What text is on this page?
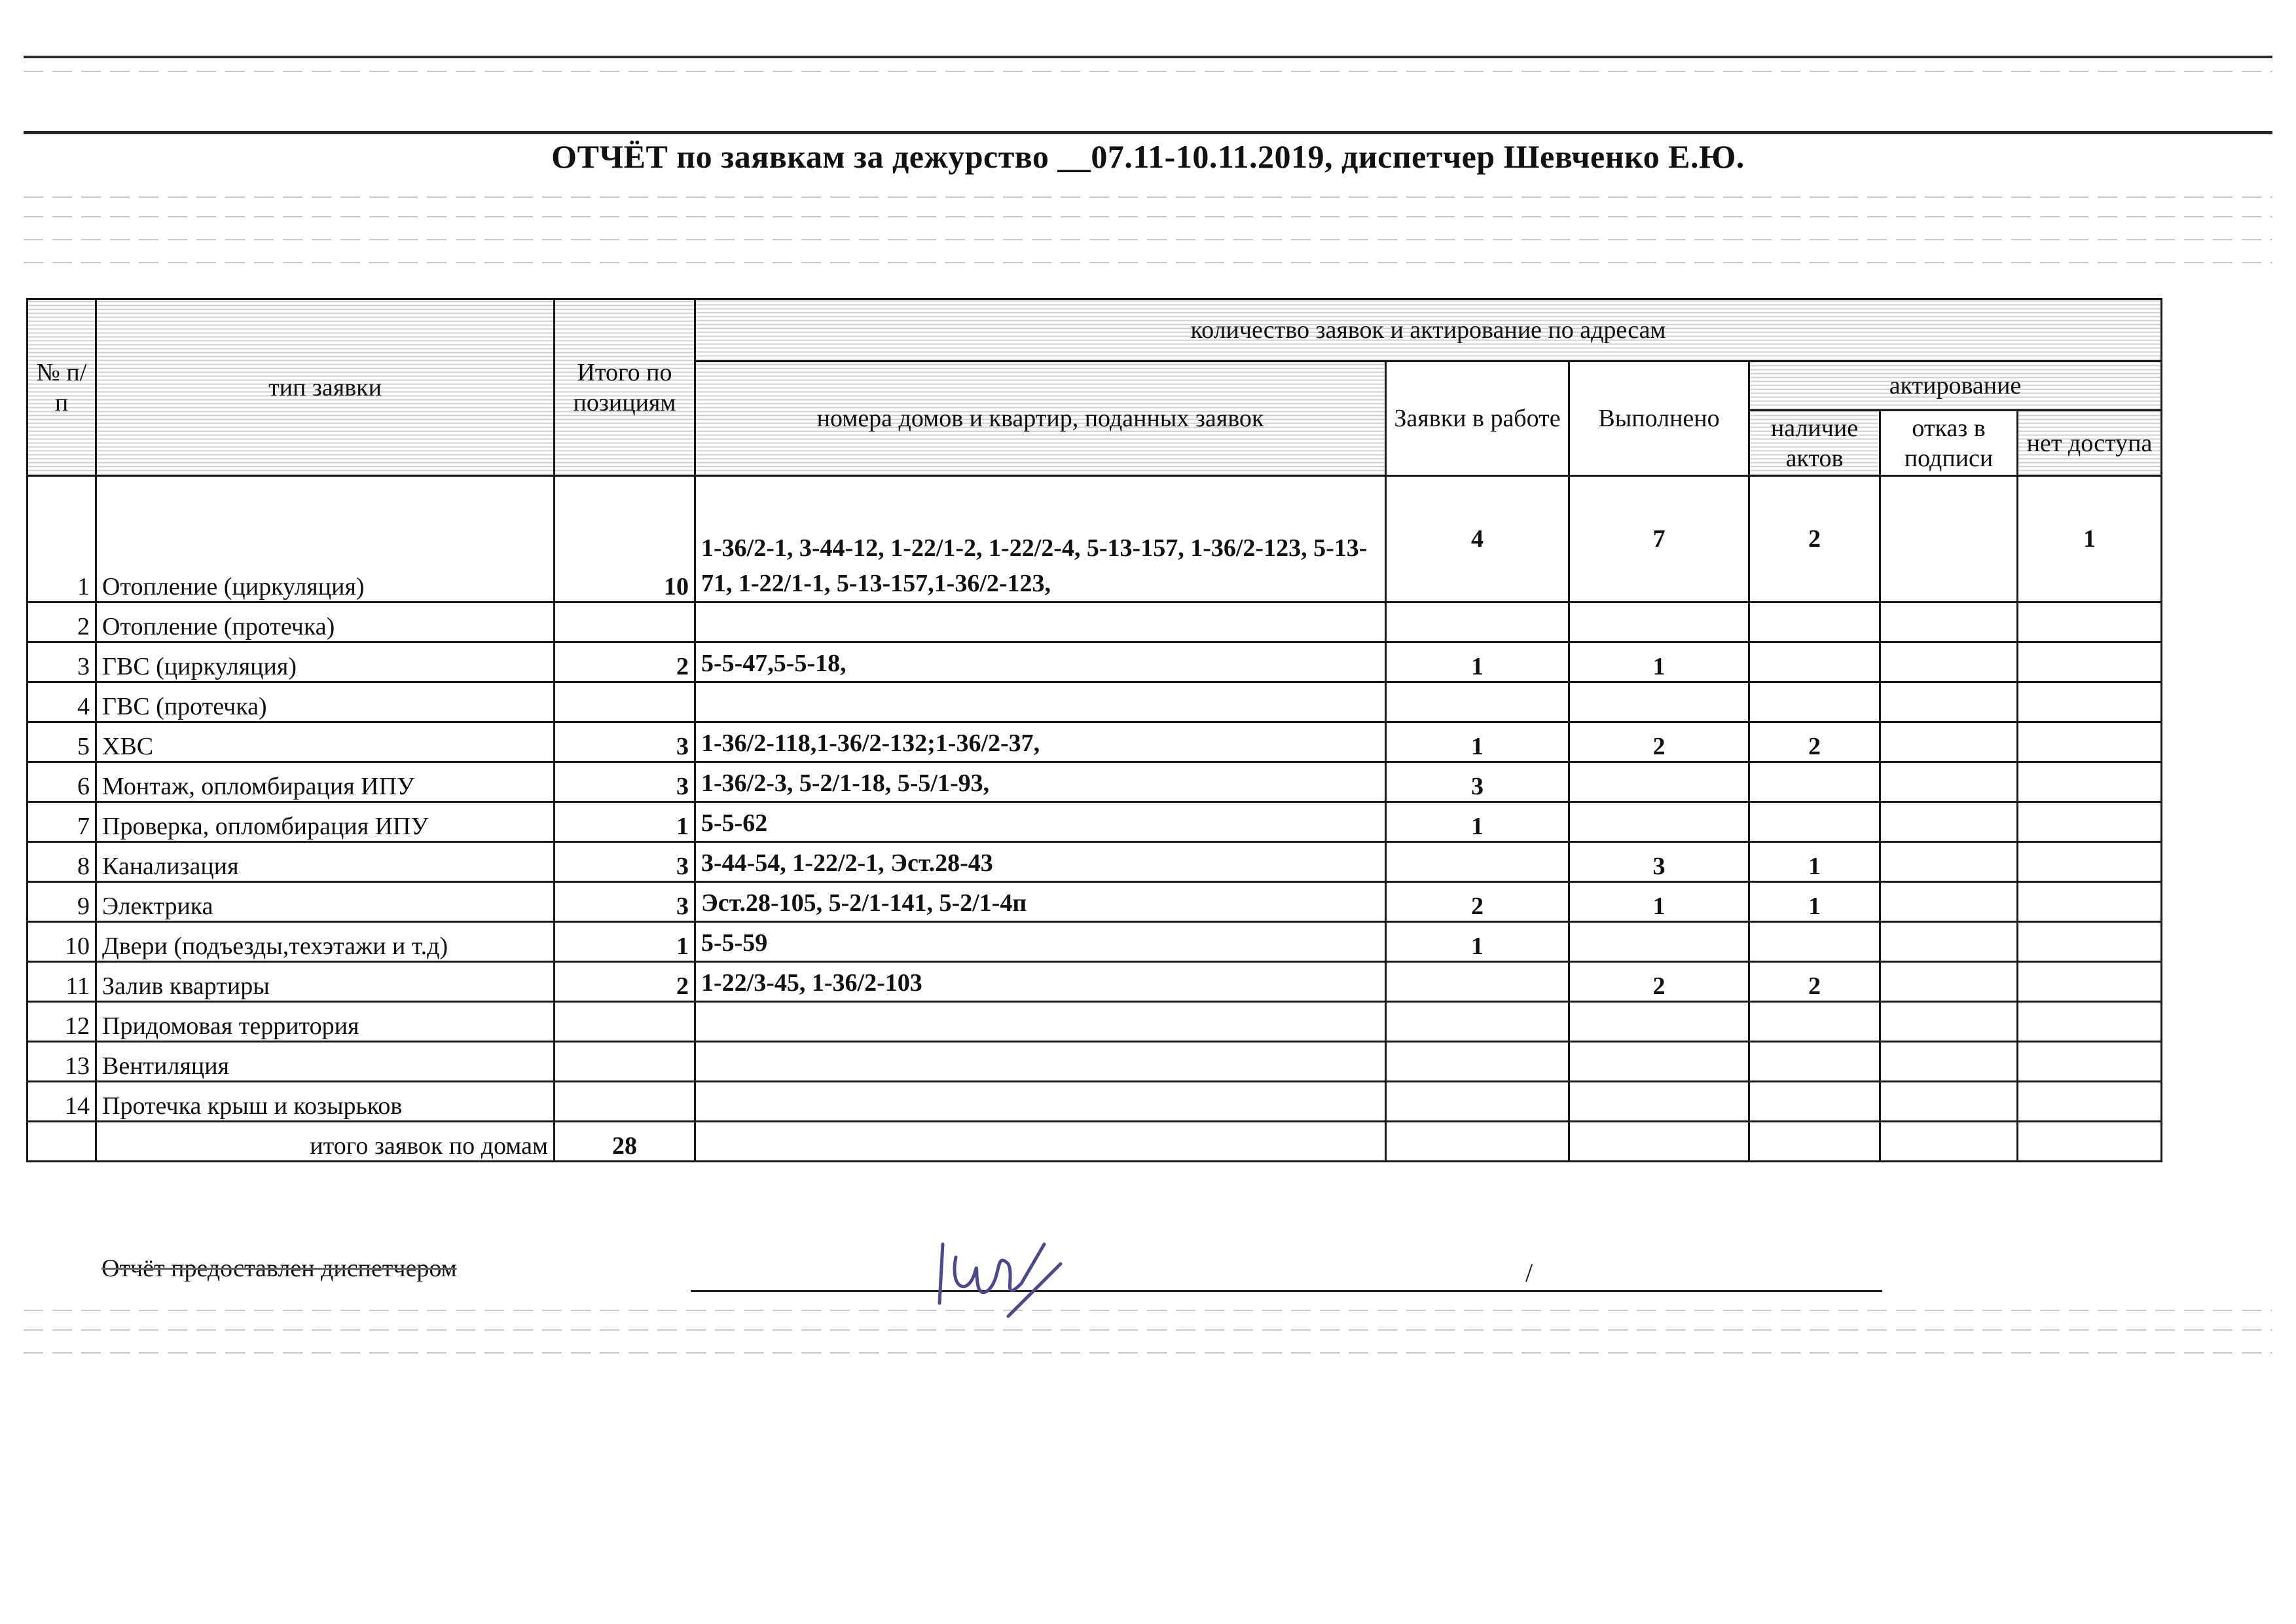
ОТЧЁТ по заявкам за дежурство __07.11-10.11.2019, диспетчер Шевченко Е.Ю.
№ п/п	тип заявки	Итого по позициям	количество заявок и актирование по адресам					
			номера домов и квартир, поданных заявок	Заявки в работе	Выполнено	актирование		
						наличие актов	отказ в подписи	нет доступа
1	Отопление (циркуляция)	10	1-36/2-1, 3-44-12, 1-22/1-2, 1-22/2-4, 5-13-157, 1-36/2-123, 5-13-71, 1-22/1-1, 5-13-157,1-36/2-123,	4	7	2		1
2	Отопление (протечка)							
3	ГВС (циркуляция)	2	5-5-47,5-5-18,	1	1			
4	ГВС (протечка)							
5	ХВС	3	1-36/2-118,1-36/2-132;1-36/2-37,	1	2	2		
6	Монтаж, опломбирация ИПУ	3	1-36/2-3, 5-2/1-18, 5-5/1-93,	3				
7	Проверка, опломбирация ИПУ	1	5-5-62	1				
8	Канализация	3	3-44-54, 1-22/2-1, Эст.28-43		3	1		
9	Электрика	3	Эст.28-105, 5-2/1-141, 5-2/1-4п	2	1	1		
10	Двери (подъезды,техэтажи и т.д)	1	5-5-59	1				
11	Залив квартиры	2	1-22/3-45, 1-36/2-103		2	2		
12	Придомовая территория							
13	Вентиляция							
14	Протечка крыш и козырьков							
	итого заявок по домам	28						
Отчёт предоставлен диспетчером	/
